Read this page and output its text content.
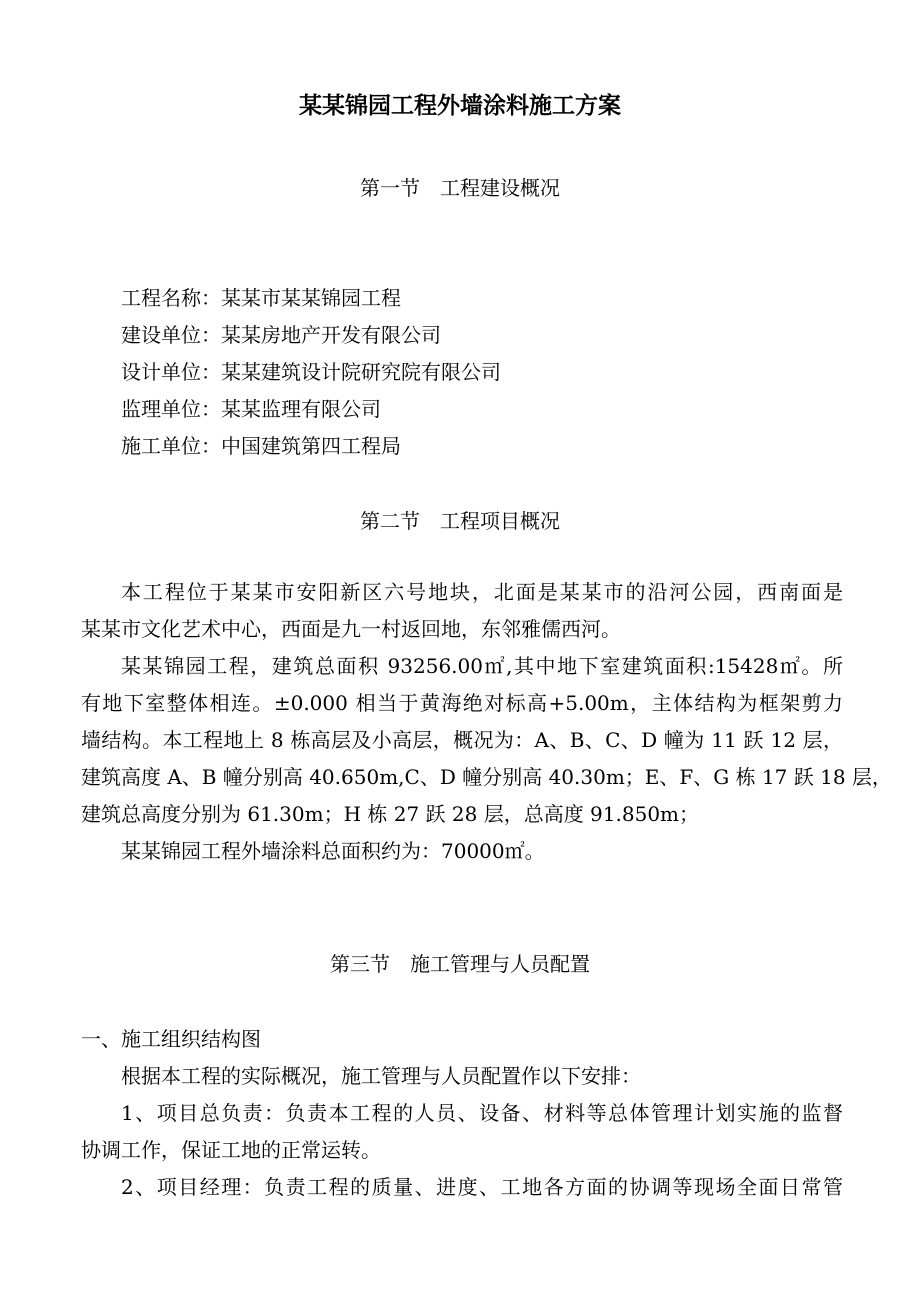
某某锦园工程外墙涂料施工方案
第一节　工程建设概况
工程名称：某某市某某锦园工程
建设单位：某某房地产开发有限公司
设计单位：某某建筑设计院研究院有限公司
监理单位：某某监理有限公司
施工单位：中国建筑第四工程局
第二节　工程项目概况
本工程位于某某市安阳新区六号地块，北面是某某市的沿河公园，西南面是
某某市文化艺术中心，西面是九一村返回地，东邻雅儒西河。
某某锦园工程，建筑总面积 93256.00㎡,其中地下室建筑面积:15428㎡。所
有地下室整体相连。±0.000 相当于黄海绝对标高+5.00m，主体结构为框架剪力
墙结构。本工程地上 8 栋高层及小高层，概况为：A、B、C、D 幢为 11 跃 12 层，
建筑高度 A、B 幢分别高 40.650m,C、D 幢分别高 40.30m；E、F、G 栋 17 跃 18 层，
建筑总高度分别为 61.30m；H 栋 27 跃 28 层，总高度 91.850m；
某某锦园工程外墙涂料总面积约为：70000㎡。
第三节　施工管理与人员配置
一、施工组织结构图
根据本工程的实际概况，施工管理与人员配置作以下安排：
1、项目总负责：负责本工程的人员、设备、材料等总体管理计划实施的监督
协调工作，保证工地的正常运转。
2、项目经理：负责工程的质量、进度、工地各方面的协调等现场全面日常管
